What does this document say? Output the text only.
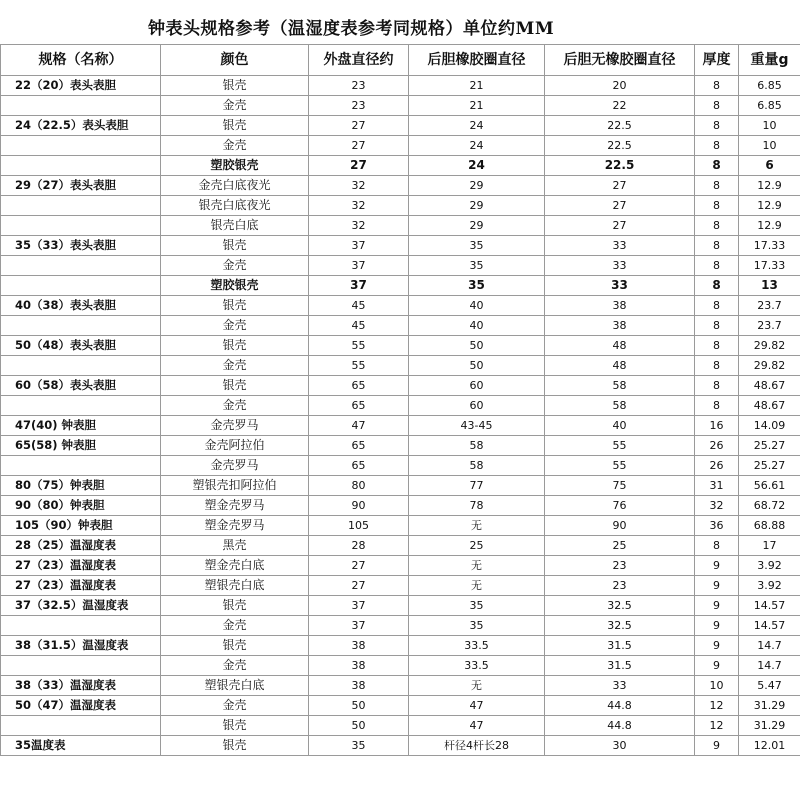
钟表头规格参考（温湿度表参考同规格）单位约MM
规格（名称）	颜色	外盘直径约	后胆橡胶圈直径	后胆无橡胶圈直径	厚度	重量g
22（20）表头表胆	银壳	23	21	20	8	6.85
	金壳	23	21	22	8	6.85
24（22.5）表头表胆	银壳	27	24	22.5	8	10
	金壳	27	24	22.5	8	10
	塑胶银壳	27	24	22.5	8	6
29（27）表头表胆	金壳白底夜光	32	29	27	8	12.9
	银壳白底夜光	32	29	27	8	12.9
	银壳白底	32	29	27	8	12.9
35（33）表头表胆	银壳	37	35	33	8	17.33
	金壳	37	35	33	8	17.33
	塑胶银壳	37	35	33	8	13
40（38）表头表胆	银壳	45	40	38	8	23.7
	金壳	45	40	38	8	23.7
50（48）表头表胆	银壳	55	50	48	8	29.82
	金壳	55	50	48	8	29.82
60（58）表头表胆	银壳	65	60	58	8	48.67
	金壳	65	60	58	8	48.67
47(40) 钟表胆	金壳罗马	47	43-45	40	16	14.09
65(58) 钟表胆	金壳阿拉伯	65	58	55	26	25.27
	金壳罗马	65	58	55	26	25.27
80（75）钟表胆	塑银壳扣阿拉伯	80	77	75	31	56.61
90（80）钟表胆	塑金壳罗马	90	78	76	32	68.72
105（90）钟表胆	塑金壳罗马	105	无	90	36	68.88
28（25）温湿度表	黑壳	28	25	25	8	17
27（23）温湿度表	塑金壳白底	27	无	23	9	3.92
27（23）温湿度表	塑银壳白底	27	无	23	9	3.92
37（32.5）温湿度表	银壳	37	35	32.5	9	14.57
	金壳	37	35	32.5	9	14.57
38（31.5）温湿度表	银壳	38	33.5	31.5	9	14.7
	金壳	38	33.5	31.5	9	14.7
38（33）温湿度表	塑银壳白底	38	无	33	10	5.47
50（47）温湿度表	金壳	50	47	44.8	12	31.29
	银壳	50	47	44.8	12	31.29
35温度表	银壳	35	杆径4杆长28	30	9	12.01
